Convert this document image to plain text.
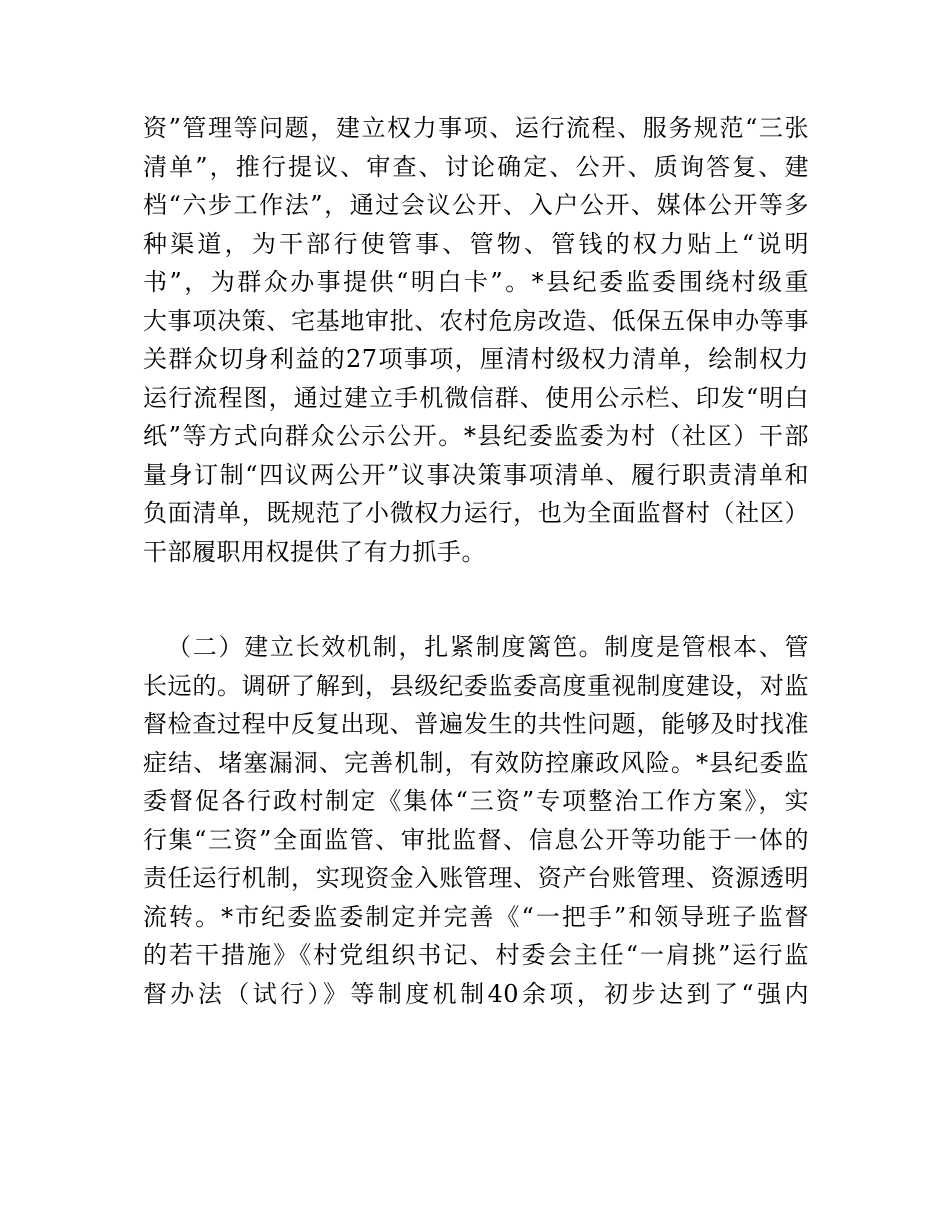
资”管理等问题，建立权力事项、运行流程、服务规范“三张
清单”，推行提议、审查、讨论确定、公开、质询答复、建
档“六步工作法”，通过会议公开、入户公开、媒体公开等多
种渠道，为干部行使管事、管物、管钱的权力贴上“说明
书”，为群众办事提供“明白卡”。*县纪委监委围绕村级重
大事项决策、宅基地审批、农村危房改造、低保五保申办等事
关群众切身利益的27项事项，厘清村级权力清单，绘制权力
运行流程图，通过建立手机微信群、使用公示栏、印发“明白
纸”等方式向群众公示公开。*县纪委监委为村（社区）干部
量身订制“四议两公开”议事决策事项清单、履行职责清单和
负面清单，既规范了小微权力运行，也为全面监督村（社区）
干部履职用权提供了有力抓手。
（二）建立长效机制，扎紧制度篱笆。制度是管根本、管
长远的。调研了解到，县级纪委监委高度重视制度建设，对监
督检查过程中反复出现、普遍发生的共性问题，能够及时找准
症结、堵塞漏洞、完善机制，有效防控廉政风险。*县纪委监
委督促各行政村制定《集体“三资”专项整治工作方案》，实
行集“三资”全面监管、审批监督、信息公开等功能于一体的
责任运行机制，实现资金入账管理、资产台账管理、资源透明
流转。*市纪委监委制定并完善《“一把手”和领导班子监督
的若干措施》《村党组织书记、村委会主任“一肩挑”运行监
督办法（试行）》等制度机制40余项，初步达到了“强内
